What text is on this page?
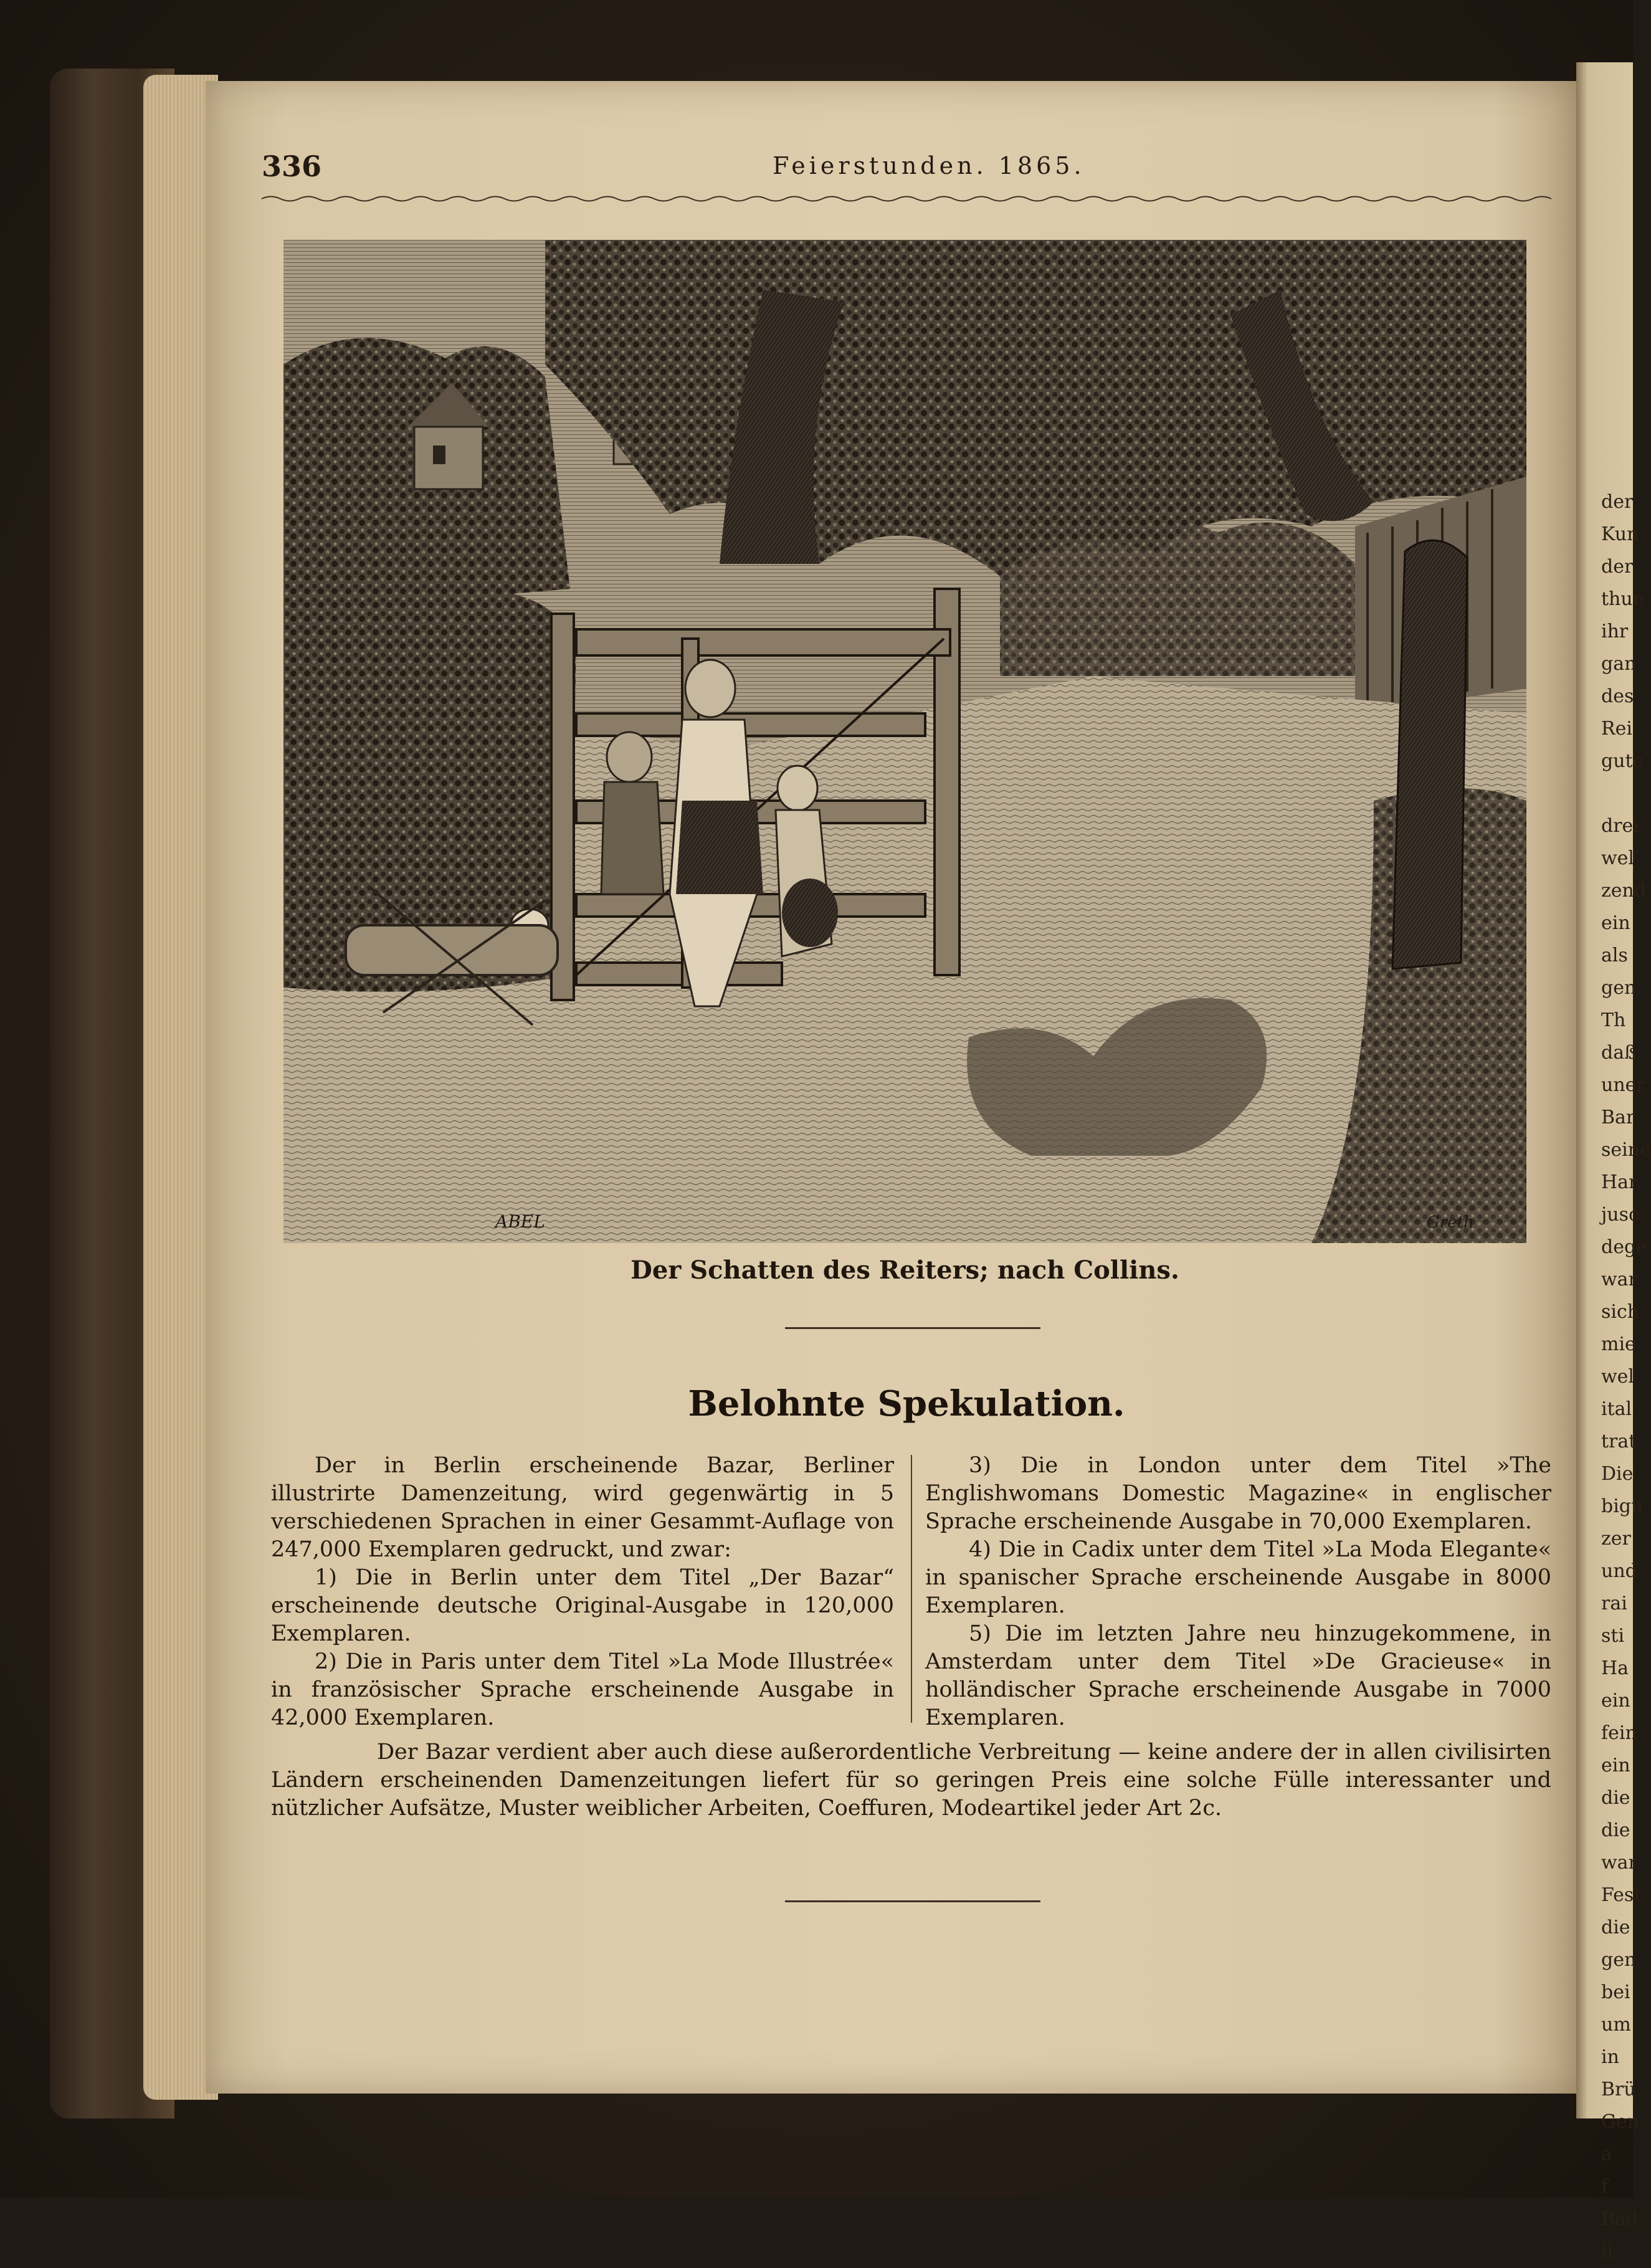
der
Kun
der
thun
ihr
gan
des
Rei
gute
drei
wel
zend
ein
als
gen
Th
daß
uner
Bar
seine
Har
juso
dege
war
sich
mie
wel
ital
trat
Die
bigu
zer
und
rai
sti
Ha
ein
fein
ein
die
die
war
Fest
die
gen
bei
um
in
Brü
Gen
a
f
Bad
il
336	Feierstunden. 1865.
ABEL	Greth
Der Schatten des Reiters; nach Collins.
Belohnte Spekulation.

Der in Berlin erscheinende Bazar, Berliner illustrirte Damenzeitung, wird gegenwärtig in 5 verschiedenen Sprachen in einer Gesammt-Auflage von 247,000 Exemplaren gedruckt, und zwar:

1) Die in Berlin unter dem Titel „Der Bazar“ erscheinende deutsche Original-Ausgabe in 120,000 Exemplaren.

2) Die in Paris unter dem Titel »La Mode Illustrée« in französischer Sprache erscheinende Ausgabe in 42,000 Exemplaren.

3) Die in London unter dem Titel »The Englishwomans Domestic Magazine« in englischer Sprache erscheinende Ausgabe in 70,000 Exemplaren.

4) Die in Cadix unter dem Titel »La Moda Elegante« in spanischer Sprache erscheinende Ausgabe in 8000 Exemplaren.

5) Die im letzten Jahre neu hinzugekommene, in Amsterdam unter dem Titel »De Gracieuse« in holländischer Sprache erscheinende Ausgabe in 7000 Exemplaren.

Der Bazar verdient aber auch diese außerordentliche Verbreitung — keine andere der in allen civilisirten Ländern erscheinenden Damenzeitungen liefert für so geringen Preis eine solche Fülle interessanter und nützlicher Aufsätze, Muster weiblicher Arbeiten, Coeffuren, Modeartikel jeder Art 2c.
